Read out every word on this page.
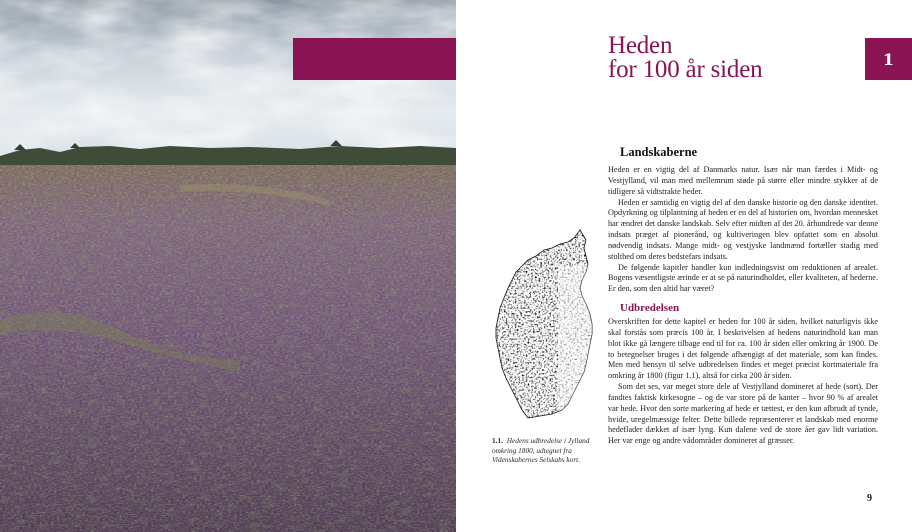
Heden
for 100 år siden	1
Landskaberne

Heden er en vigtig del af Danmarks natur. Især når man færdes i Midt- og Vestjylland, vil man med mellemrum støde på større eller mindre stykker af de tidligere så vidtstrakte heder.

Heden er samtidig en vigtig del af den danske historie og den danske identitet. Opdyrkning og tilplantning af heden er en del af historien om, hvordan mennesket har ændret det danske landskab. Selv efter midten af det 20. århundrede var denne indsats præget af pionerånd, og kultiveringen blev opfattet som en absolut nødvendig indsats. Mange midt- og vestjyske landmænd fortæller stadig med stolthed om deres bedstefars indsats.

De følgende kapitler handler kun indledningsvist om reduktionen af arealet. Bogens væsentligste ærinde er at se på naturindholdet, eller kvaliteten, af hederne. Er den, som den altid har været?

Udbredelsen

Overskriften for dette kapitel er heden for 100 år siden, hvilket naturligvis ikke skal forstås som præcis 100 år. I beskrivelsen af hedens naturindhold kan man blot ikke gå længere tilbage end til for ca. 100 år siden eller omkring år 1900. De to betegnelser bruges i det følgende afhængigt af det materiale, som kan findes. Men med hensyn til selve udbredelsen findes et meget præcist kortmateriale fra omkring år 1800 (figur 1.1), altså for cirka 200 år siden.

Som det ses, var meget store dele af Vestjylland domineret af hede (sort). Der fandtes faktisk kirkesogne – og de var store på de kanter – hvor 90 % af arealet var hede. Hvor den sorte markering af hede er tættest, er den kun afbrudt af tynde, hvide, uregelmæssige felter. Dette billede repræsenterer et landskab med enorme hedeflader dækket af især lyng. Kun dalene ved de store åer gav lidt variation. Her var enge og andre vådområder domineret af græsser.

1.1. Hedens udbredelse i Jylland omkring 1800, udtegnet fra Videnskabernes Selskabs kort.
9
